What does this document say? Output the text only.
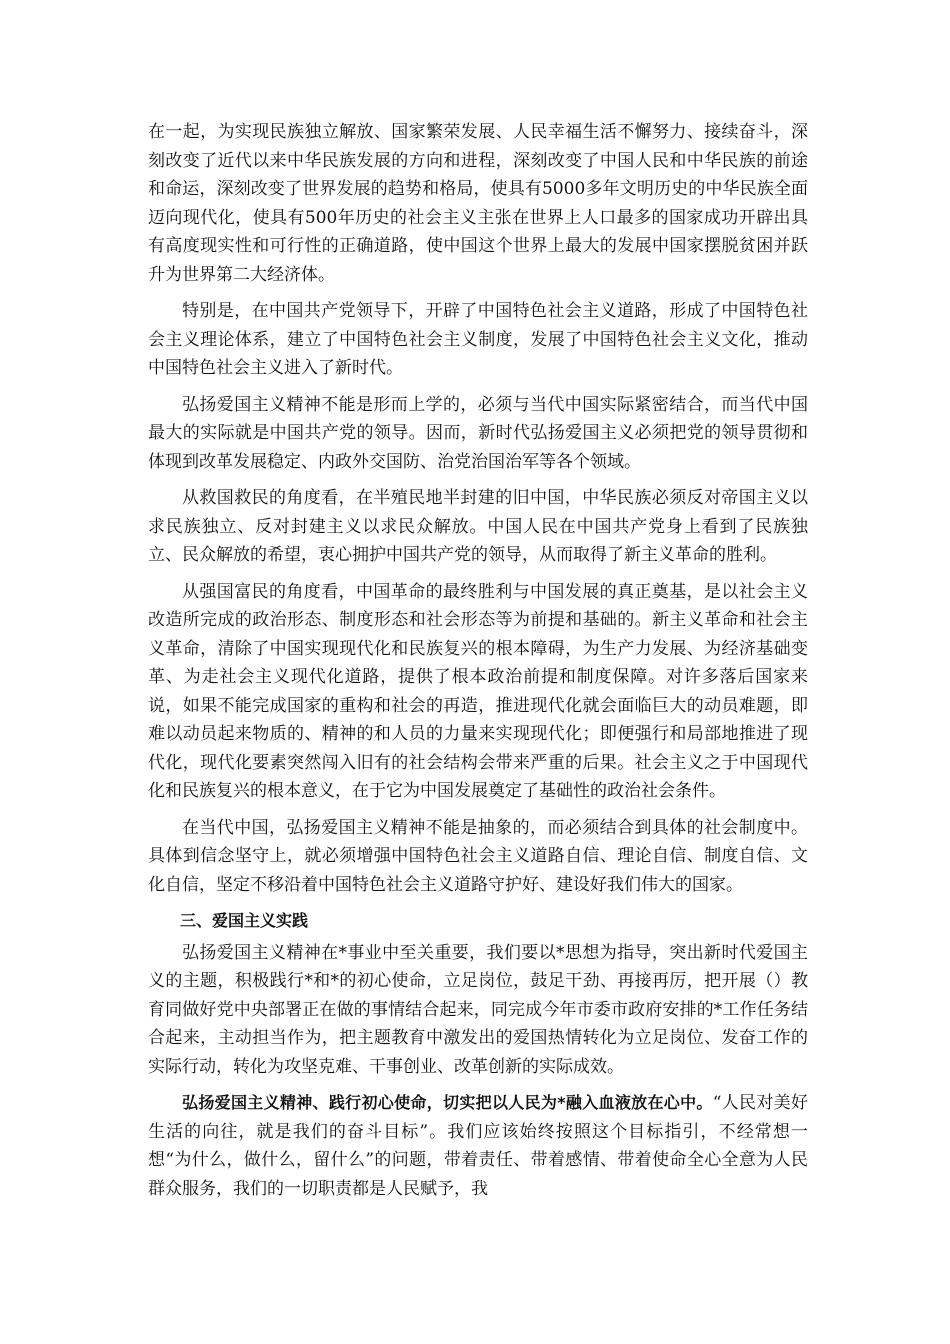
在一起，为实现民族独立解放、国家繁荣发展、人民幸福生活不懈努力、接续奋斗，深刻改变了近代以来中华民族发展的方向和进程，深刻改变了中国人民和中华民族的前途和命运，深刻改变了世界发展的趋势和格局，使具有5000多年文明历史的中华民族全面迈向现代化，使具有500年历史的社会主义主张在世界上人口最多的国家成功开辟出具有高度现实性和可行性的正确道路，使中国这个世界上最大的发展中国家摆脱贫困并跃升为世界第二大经济体。

特别是，在中国共产党领导下，开辟了中国特色社会主义道路，形成了中国特色社会主义理论体系，建立了中国特色社会主义制度，发展了中国特色社会主义文化，推动中国特色社会主义进入了新时代。

弘扬爱国主义精神不能是形而上学的，必须与当代中国实际紧密结合，而当代中国最大的实际就是中国共产党的领导。因而，新时代弘扬爱国主义必须把党的领导贯彻和体现到改革发展稳定、内政外交国防、治党治国治军等各个领域。

从救国救民的角度看，在半殖民地半封建的旧中国，中华民族必须反对帝国主义以求民族独立、反对封建主义以求民众解放。中国人民在中国共产党身上看到了民族独立、民众解放的希望，衷心拥护中国共产党的领导，从而取得了新主义革命的胜利。

从强国富民的角度看，中国革命的最终胜利与中国发展的真正奠基，是以社会主义改造所完成的政治形态、制度形态和社会形态等为前提和基础的。新主义革命和社会主义革命，清除了中国实现现代化和民族复兴的根本障碍，为生产力发展、为经济基础变革、为走社会主义现代化道路，提供了根本政治前提和制度保障。对许多落后国家来说，如果不能完成国家的重构和社会的再造，推进现代化就会面临巨大的动员难题，即难以动员起来物质的、精神的和人员的力量来实现现代化；即便强行和局部地推进了现代化，现代化要素突然闯入旧有的社会结构会带来严重的后果。社会主义之于中国现代化和民族复兴的根本意义，在于它为中国发展奠定了基础性的政治社会条件。

在当代中国，弘扬爱国主义精神不能是抽象的，而必须结合到具体的社会制度中。具体到信念坚守上，就必须增强中国特色社会主义道路自信、理论自信、制度自信、文化自信，坚定不移沿着中国特色社会主义道路守护好、建设好我们伟大的国家。

三、爱国主义实践

弘扬爱国主义精神在*事业中至关重要，我们要以*思想为指导，突出新时代爱国主义的主题，积极践行*和*的初心使命，立足岗位，鼓足干劲、再接再厉，把开展（）教育同做好党中央部署正在做的事情结合起来，同完成今年市委市政府安排的*工作任务结合起来，主动担当作为，把主题教育中激发出的爱国热情转化为立足岗位、发奋工作的实际行动，转化为攻坚克难、干事创业、改革创新的实际成效。

弘扬爱国主义精神、践行初心使命，切实把以人民为*融入血液放在心中。“人民对美好生活的向往，就是我们的奋斗目标”。我们应该始终按照这个目标指引，不经常想一想“为什么，做什么，留什么”的问题，带着责任、带着感情、带着使命全心全意为人民群众服务，我们的一切职责都是人民赋予，我
